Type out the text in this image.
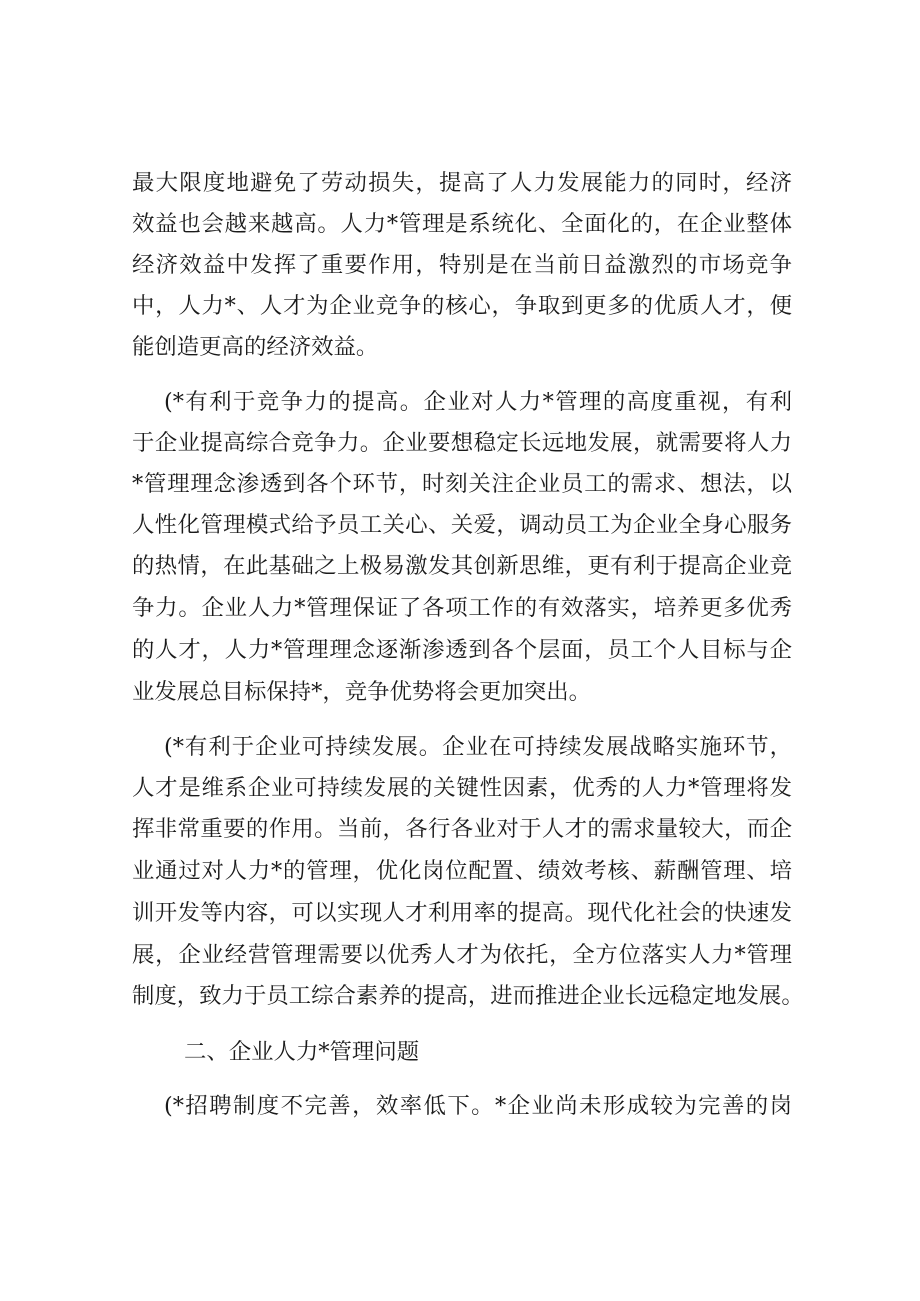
最大限度地避免了劳动损失，提高了人力发展能力的同时，经济
效益也会越来越高。人力*管理是系统化、全面化的，在企业整体
经济效益中发挥了重要作用，特别是在当前日益激烈的市场竞争
中，人力*、人才为企业竞争的核心，争取到更多的优质人才，便
能创造更高的经济效益。
(*有利于竞争力的提高。企业对人力*管理的高度重视，有利
于企业提高综合竞争力。企业要想稳定长远地发展，就需要将人力
*管理理念渗透到各个环节，时刻关注企业员工的需求、想法，以
人性化管理模式给予员工关心、关爱，调动员工为企业全身心服务
的热情，在此基础之上极易激发其创新思维，更有利于提高企业竞
争力。企业人力*管理保证了各项工作的有效落实，培养更多优秀
的人才，人力*管理理念逐渐渗透到各个层面，员工个人目标与企
业发展总目标保持*，竞争优势将会更加突出。
(*有利于企业可持续发展。企业在可持续发展战略实施环节，
人才是维系企业可持续发展的关键性因素，优秀的人力*管理将发
挥非常重要的作用。当前，各行各业对于人才的需求量较大，而企
业通过对人力*的管理，优化岗位配置、绩效考核、薪酬管理、培
训开发等内容，可以实现人才利用率的提高。现代化社会的快速发
展，企业经营管理需要以优秀人才为依托，全方位落实人力*管理
制度，致力于员工综合素养的提高，进而推进企业长远稳定地发展。
二、企业人力*管理问题
(*招聘制度不完善，效率低下。*企业尚未形成较为完善的岗
